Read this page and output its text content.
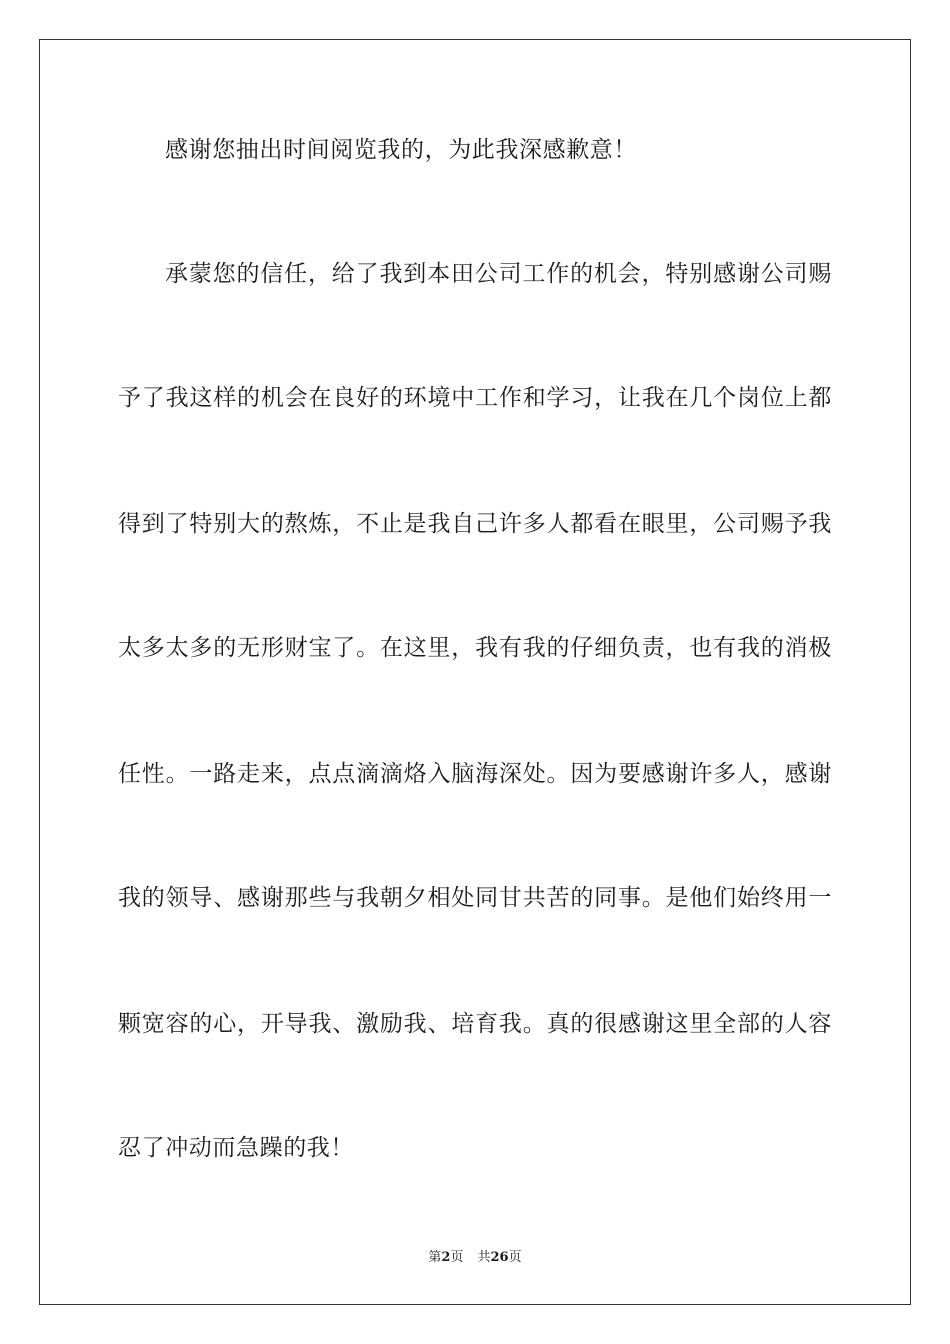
感谢您抽出时间阅览我的，为此我深感歉意！
承蒙您的信任，给了我到本田公司工作的机会，特别感谢公司赐
予了我这样的机会在良好的环境中工作和学习，让我在几个岗位上都
得到了特别大的熬炼，不止是我自己许多人都看在眼里，公司赐予我
太多太多的无形财宝了。在这里，我有我的仔细负责，也有我的消极
任性。一路走来，点点滴滴烙入脑海深处。因为要感谢许多人，感谢
我的领导、感谢那些与我朝夕相处同甘共苦的同事。是他们始终用一
颗宽容的心，开导我、激励我、培育我。真的很感谢这里全部的人容
忍了冲动而急躁的我！
第2页 共26页
